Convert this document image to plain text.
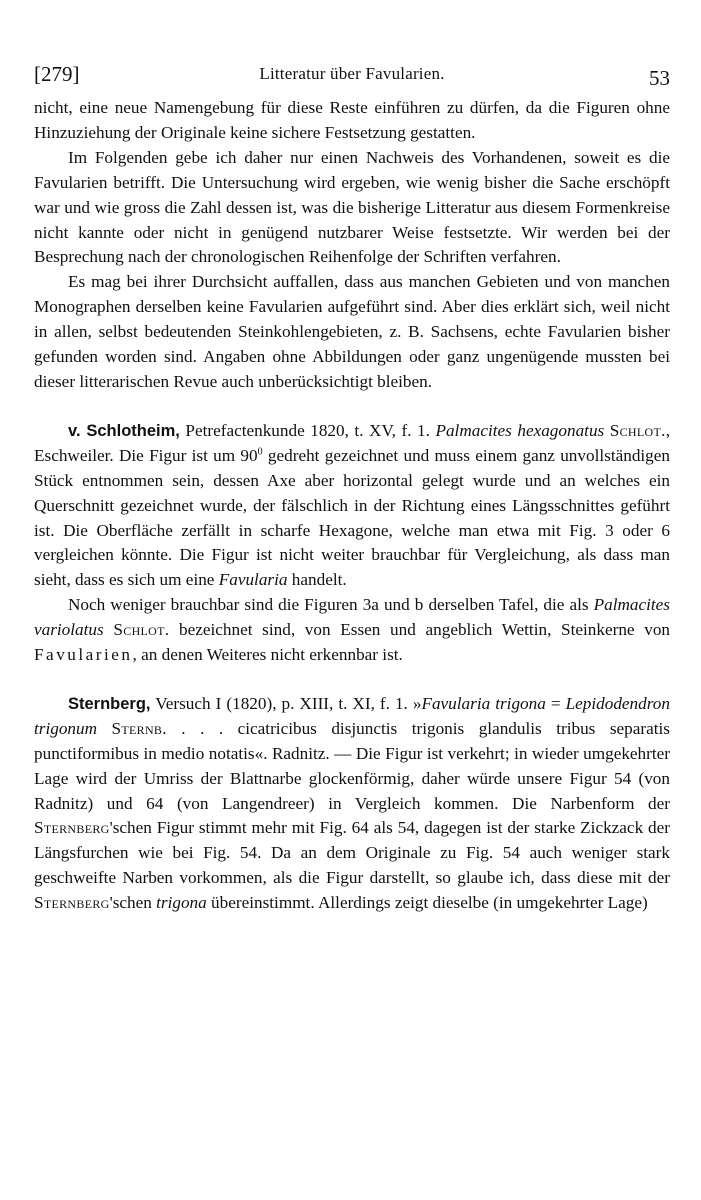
[279]	Litteratur über Favularien.	53

nicht, eine neue Namengebung für diese Reste einführen zu dürfen, da die Figuren ohne Hinzuziehung der Originale keine sichere Festsetzung gestatten.

Im Folgenden gebe ich daher nur einen Nachweis des Vorhandenen, soweit es die Favularien betrifft. Die Untersuchung wird ergeben, wie wenig bisher die Sache erschöpft war und wie gross die Zahl dessen ist, was die bisherige Litteratur aus diesem Formenkreise nicht kannte oder nicht in genügend nutzbarer Weise festsetzte. Wir werden bei der Besprechung nach der chronologischen Reihenfolge der Schriften verfahren.

Es mag bei ihrer Durchsicht auffallen, dass aus manchen Gebieten und von manchen Monographen derselben keine Favularien aufgeführt sind. Aber dies erklärt sich, weil nicht in allen, selbst bedeutenden Steinkohlengebieten, z. B. Sachsens, echte Favularien bisher gefunden worden sind. Angaben ohne Abbildungen oder ganz ungenügende mussten bei dieser litterarischen Revue auch unberücksichtigt bleiben.

v. Schlotheim, Petrefactenkunde 1820, t. XV, f. 1. Palmacites hexagonatus Schlot., Eschweiler. Die Figur ist um $90^0$ gedreht gezeichnet und muss einem ganz unvollständigen Stück entnommen sein, dessen Axe aber horizontal gelegt wurde und an welches ein Querschnitt gezeichnet wurde, der fälschlich in der Richtung eines Längsschnittes geführt ist. Die Oberfläche zerfällt in scharfe Hexagone, welche man etwa mit Fig. 3 oder 6 vergleichen könnte. Die Figur ist nicht weiter brauchbar für Vergleichung, als dass man sieht, dass es sich um eine Favularia handelt.

Noch weniger brauchbar sind die Figuren 3a und b derselben Tafel, die als Palmacites variolatus Schlot. bezeichnet sind, von Essen und angeblich Wettin, Steinkerne von Favularien, an denen Weiteres nicht erkennbar ist.

Sternberg, Versuch I (1820), p. XIII, t. XI, f. 1. »Favularia trigona = Lepidodendron trigonum Sternb. . . . cicatricibus disjunctis trigonis glandulis tribus separatis punctiformibus in medio notatis«. Radnitz. — Die Figur ist verkehrt; in wieder umgekehrter Lage wird der Umriss der Blattnarbe glockenförmig, daher würde unsere Figur 54 (von Radnitz) und 64 (von Langendreer) in Vergleich kommen. Die Narbenform der Sternberg'schen Figur stimmt mehr mit Fig. 64 als 54, dagegen ist der starke Zickzack der Längsfurchen wie bei Fig. 54. Da an dem Originale zu Fig. 54 auch weniger stark geschweifte Narben vorkommen, als die Figur darstellt, so glaube ich, dass diese mit der Sternberg'schen trigona übereinstimmt. Allerdings zeigt dieselbe (in umgekehrter Lage)
